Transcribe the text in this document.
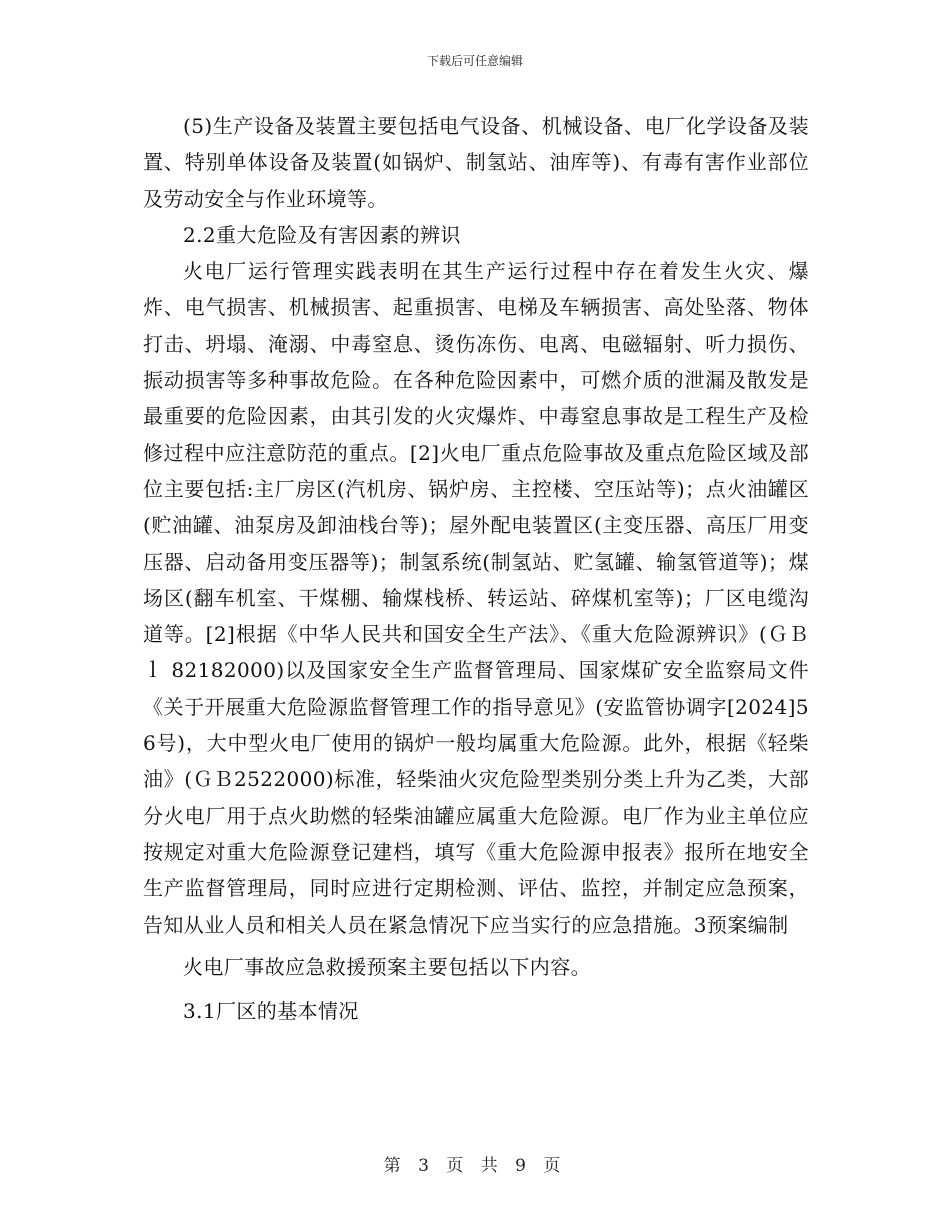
下载后可任意编辑

(5)生产设备及装置主要包括电气设备、机械设备、电厂化学设备及装置、特别单体设备及装置(如锅炉、制氢站、油库等)、有毒有害作业部位及劳动安全与作业环境等。

2.2重大危险及有害因素的辨识

火电厂运行管理实践表明在其生产运行过程中存在着发生火灾、爆炸、电气损害、机械损害、起重损害、电梯及车辆损害、高处坠落、物体打击、坍塌、淹溺、中毒窒息、烫伤冻伤、电离、电磁辐射、听力损伤、振动损害等多种事故危险。在各种危险因素中，可燃介质的泄漏及散发是最重要的危险因素，由其引发的火灾爆炸、中毒窒息事故是工程生产及检修过程中应注意防范的重点。[2]火电厂重点危险事故及重点危险区域及部位主要包括:主厂房区(汽机房、锅炉房、主控楼、空压站等)；点火油罐区(贮油罐、油泵房及卸油栈台等)；屋外配电装置区(主变压器、高压厂用变压器、启动备用变压器等)；制氢系统(制氢站、贮氢罐、输氢管道等)；煤场区(翻车机室、干煤棚、输煤栈桥、转运站、碎煤机室等)；厂区电缆沟道等。[2]根据《中华人民共和国安全生产法》、《重大危险源辨识》(ＧＢｌ 82182000)以及国家安全生产监督管理局、国家煤矿安全监察局文件《关于开展重大危险源监督管理工作的指导意见》(安监管协调字[2024]56号)，大中型火电厂使用的锅炉一般均属重大危险源。此外，根据《轻柴油》(ＧＢ2522000)标准，轻柴油火灾危险型类别分类上升为乙类，大部分火电厂用于点火助燃的轻柴油罐应属重大危险源。电厂作为业主单位应按规定对重大危险源登记建档，填写《重大危险源申报表》报所在地安全生产监督管理局，同时应进行定期检测、评估、监控，并制定应急预案，告知从业人员和相关人员在紧急情况下应当实行的应急措施。3预案编制

火电厂事故应急救援预案主要包括以下内容。

3.1厂区的基本情况

第 3 页 共 9 页
